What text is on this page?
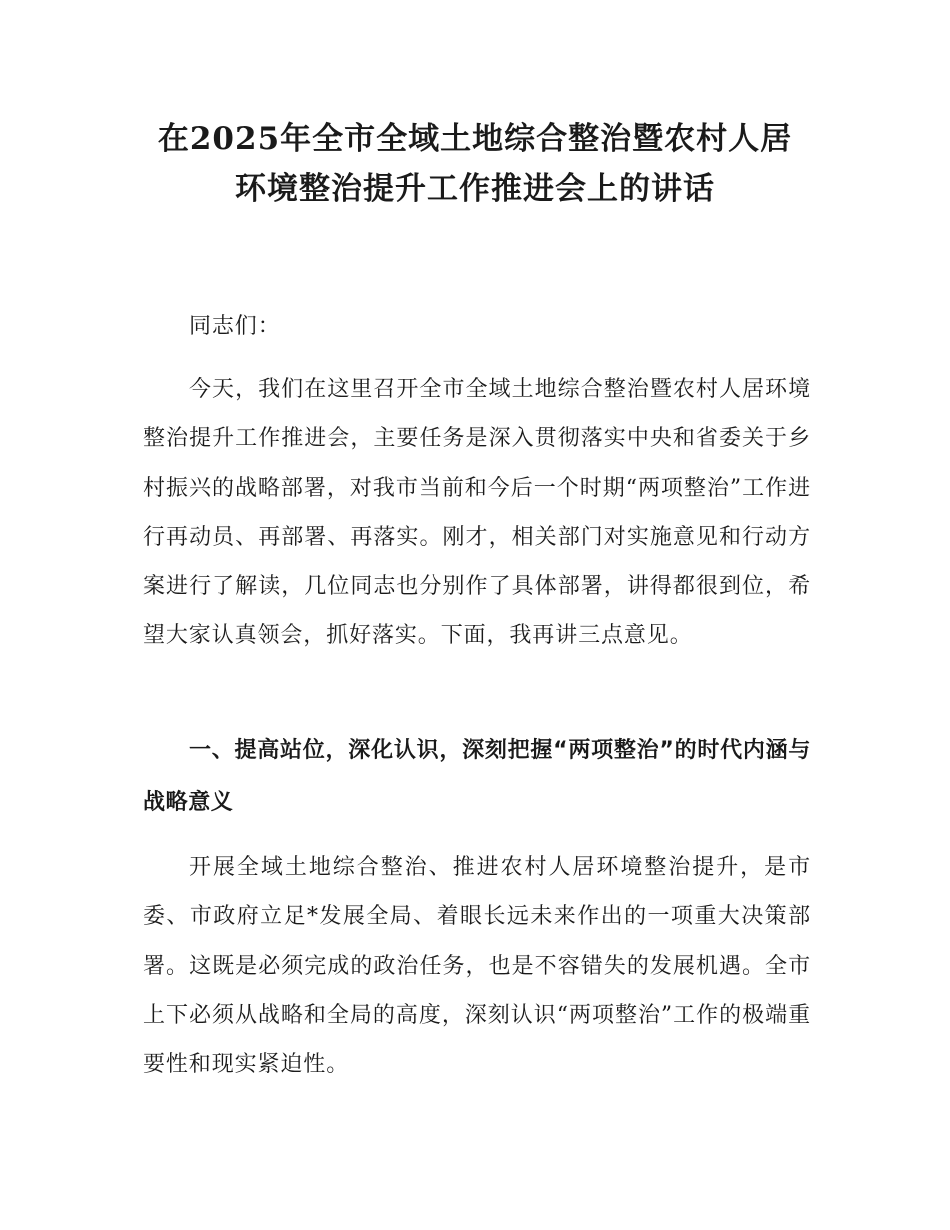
在2025年全市全域土地综合整治暨农村人居
环境整治提升工作推进会上的讲话

同志们：

今天，我们在这里召开全市全域土地综合整治暨农村人居环境整治提升工作推进会，主要任务是深入贯彻落实中央和省委关于乡村振兴的战略部署，对我市当前和今后一个时期“两项整治”工作进行再动员、再部署、再落实。刚才，相关部门对实施意见和行动方案进行了解读，几位同志也分别作了具体部署，讲得都很到位，希望大家认真领会，抓好落实。下面，我再讲三点意见。

一、提高站位，深化认识，深刻把握“两项整治”的时代内涵与战略意义

开展全域土地综合整治、推进农村人居环境整治提升，是市委、市政府立足*发展全局、着眼长远未来作出的一项重大决策部署。这既是必须完成的政治任务，也是不容错失的发展机遇。全市上下必须从战略和全局的高度，深刻认识“两项整治”工作的极端重要性和现实紧迫性。
